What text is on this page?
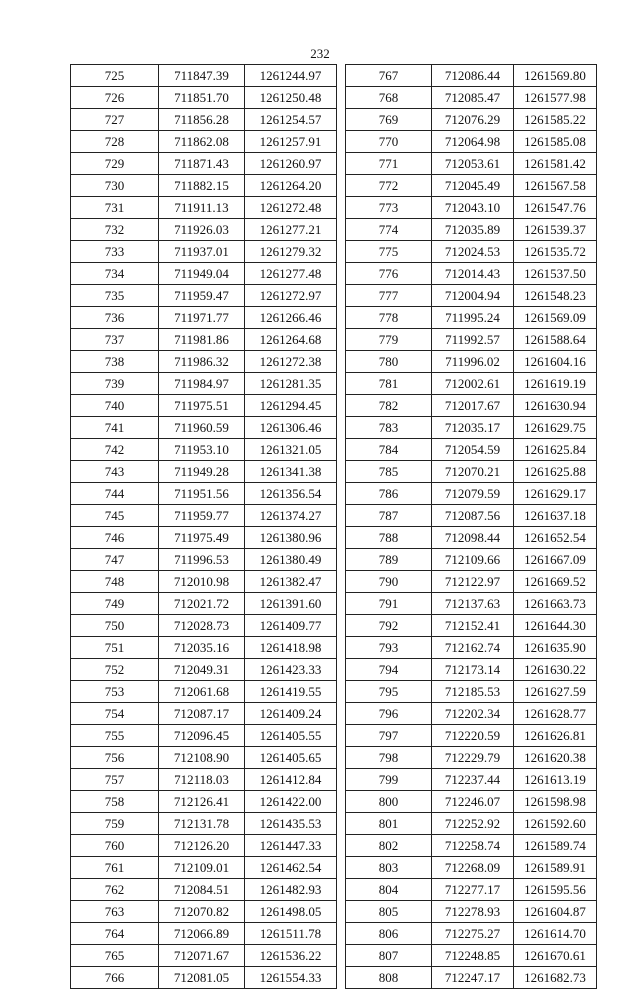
232
725	711847.39	1261244.97
726	711851.70	1261250.48
727	711856.28	1261254.57
728	711862.08	1261257.91
729	711871.43	1261260.97
730	711882.15	1261264.20
731	711911.13	1261272.48
732	711926.03	1261277.21
733	711937.01	1261279.32
734	711949.04	1261277.48
735	711959.47	1261272.97
736	711971.77	1261266.46
737	711981.86	1261264.68
738	711986.32	1261272.38
739	711984.97	1261281.35
740	711975.51	1261294.45
741	711960.59	1261306.46
742	711953.10	1261321.05
743	711949.28	1261341.38
744	711951.56	1261356.54
745	711959.77	1261374.27
746	711975.49	1261380.96
747	711996.53	1261380.49
748	712010.98	1261382.47
749	712021.72	1261391.60
750	712028.73	1261409.77
751	712035.16	1261418.98
752	712049.31	1261423.33
753	712061.68	1261419.55
754	712087.17	1261409.24
755	712096.45	1261405.55
756	712108.90	1261405.65
757	712118.03	1261412.84
758	712126.41	1261422.00
759	712131.78	1261435.53
760	712126.20	1261447.33
761	712109.01	1261462.54
762	712084.51	1261482.93
763	712070.82	1261498.05
764	712066.89	1261511.78
765	712071.67	1261536.22
766	712081.05	1261554.33
767	712086.44	1261569.80
768	712085.47	1261577.98
769	712076.29	1261585.22
770	712064.98	1261585.08
771	712053.61	1261581.42
772	712045.49	1261567.58
773	712043.10	1261547.76
774	712035.89	1261539.37
775	712024.53	1261535.72
776	712014.43	1261537.50
777	712004.94	1261548.23
778	711995.24	1261569.09
779	711992.57	1261588.64
780	711996.02	1261604.16
781	712002.61	1261619.19
782	712017.67	1261630.94
783	712035.17	1261629.75
784	712054.59	1261625.84
785	712070.21	1261625.88
786	712079.59	1261629.17
787	712087.56	1261637.18
788	712098.44	1261652.54
789	712109.66	1261667.09
790	712122.97	1261669.52
791	712137.63	1261663.73
792	712152.41	1261644.30
793	712162.74	1261635.90
794	712173.14	1261630.22
795	712185.53	1261627.59
796	712202.34	1261628.77
797	712220.59	1261626.81
798	712229.79	1261620.38
799	712237.44	1261613.19
800	712246.07	1261598.98
801	712252.92	1261592.60
802	712258.74	1261589.74
803	712268.09	1261589.91
804	712277.17	1261595.56
805	712278.93	1261604.87
806	712275.27	1261614.70
807	712248.85	1261670.61
808	712247.17	1261682.73
